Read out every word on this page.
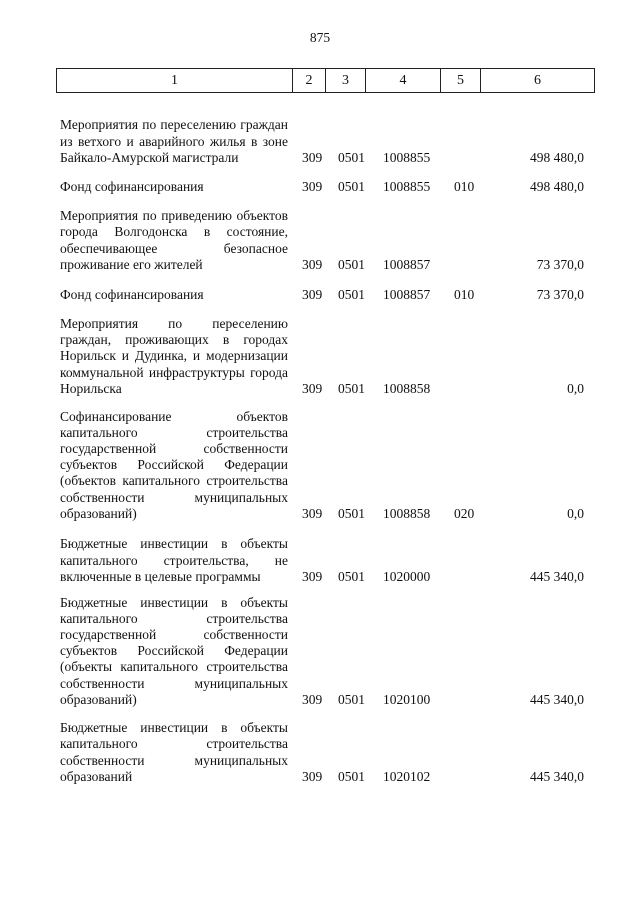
875
1	2	3	4	5	6
Мероприятия по переселению граждан из ветхого и аварийного жилья в зоне Байкало-Амурской магистрали	309 0501 1008855	498 480,0
Фонд софинансирования	309 0501 1008855 010	498 480,0
Мероприятия по приведению объектов города Волгодонска в состояние, обеспечивающее безопасное проживание его жителей	309 0501 1008857	73 370,0
Фонд софинансирования	309 0501 1008857 010	73 370,0
Мероприятия по переселению граждан, проживающих в городах Норильск и Дудинка, и модернизации коммунальной инфраструктуры города Норильска	309 0501 1008858	0,0
Софинансирование объектов капитального строительства государственной собственности субъектов Российской Федерации (объектов капитального строительства собственности муниципальных образований)	309 0501 1008858 020	0,0
Бюджетные инвестиции в объекты капитального строительства, не включенные в целевые программы	309 0501 1020000	445 340,0
Бюджетные инвестиции в объекты капитального строительства государственной собственности субъектов Российской Федерации (объекты капитального строительства собственности муниципальных образований)	309 0501 1020100	445 340,0
Бюджетные инвестиции в объекты капитального строительства собственности муниципальных образований	309 0501 1020102	445 340,0
